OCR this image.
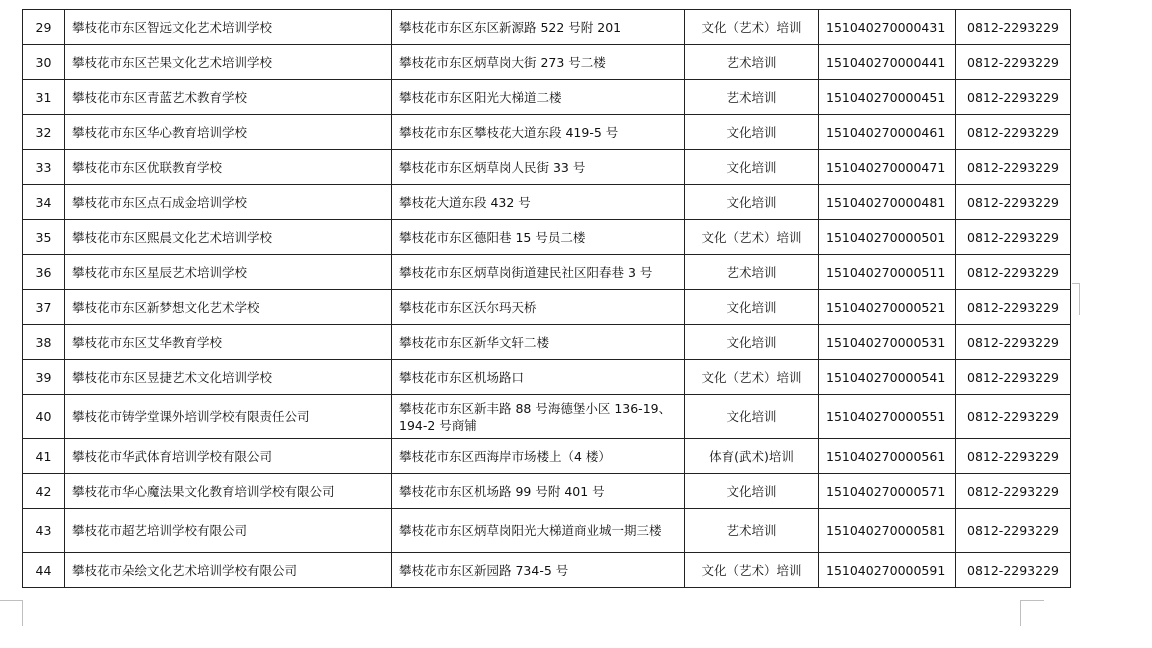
29	攀枝花市东区智远文化艺术培训学校	攀枝花市东区东区新源路 522 号附 201	文化（艺术）培训	151040270000431	0812-2293229
30	攀枝花市东区芒果文化艺术培训学校	攀枝花市东区炳草岗大街 273 号二楼	艺术培训	151040270000441	0812-2293229
31	攀枝花市东区青蓝艺术教育学校	攀枝花市东区阳光大梯道二楼	艺术培训	151040270000451	0812-2293229
32	攀枝花市东区华心教育培训学校	攀枝花市东区攀枝花大道东段 419-5 号	文化培训	151040270000461	0812-2293229
33	攀枝花市东区优联教育学校	攀枝花市东区炳草岗人民街 33 号	文化培训	151040270000471	0812-2293229
34	攀枝花市东区点石成金培训学校	攀枝花大道东段 432 号	文化培训	151040270000481	0812-2293229
35	攀枝花市东区熙晨文化艺术培训学校	攀枝花市东区德阳巷 15 号员二楼	文化（艺术）培训	151040270000501	0812-2293229
36	攀枝花市东区星辰艺术培训学校	攀枝花市东区炳草岗街道建民社区阳春巷 3 号	艺术培训	151040270000511	0812-2293229
37	攀枝花市东区新梦想文化艺术学校	攀枝花市东区沃尔玛天桥	文化培训	151040270000521	0812-2293229
38	攀枝花市东区艾华教育学校	攀枝花市东区新华文轩二楼	文化培训	151040270000531	0812-2293229
39	攀枝花市东区昱捷艺术文化培训学校	攀枝花市东区机场路口	文化（艺术）培训	151040270000541	0812-2293229
40	攀枝花市铸学堂课外培训学校有限责任公司	攀枝花市东区新丰路 88 号海德堡小区 136-19、194-2 号商铺	文化培训	151040270000551	0812-2293229
41	攀枝花市华武体育培训学校有限公司	攀枝花市东区西海岸市场楼上（4 楼）	体育(武术)培训	151040270000561	0812-2293229
42	攀枝花市华心魔法果文化教育培训学校有限公司	攀枝花市东区机场路 99 号附 401 号	文化培训	151040270000571	0812-2293229
43	攀枝花市超艺培训学校有限公司	攀枝花市东区炳草岗阳光大梯道商业城一期三楼	艺术培训	151040270000581	0812-2293229
44	攀枝花市朵绘文化艺术培训学校有限公司	攀枝花市东区新园路 734-5 号	文化（艺术）培训	151040270000591	0812-2293229
